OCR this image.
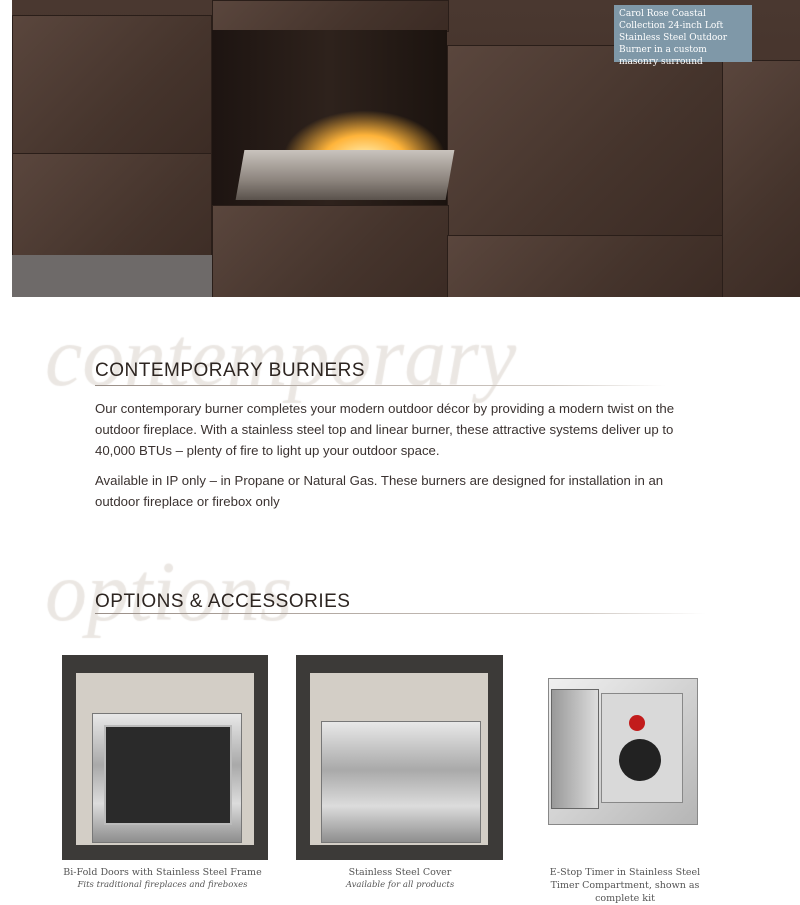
Carol Rose Coastal Collection 24-inch Loft Stainless Steel Outdoor Burner in a custom masonry surround
CONTEMPORARY BURNERS
Our contemporary burner completes your modern outdoor décor by providing a modern twist on the outdoor fireplace. With a stainless steel top and linear burner, these attractive systems deliver up to 40,000 BTUs – plenty of fire to light up your outdoor space.
Available in IP only – in Propane or Natural Gas. These burners are designed for installation in an outdoor fireplace or firebox only
OPTIONS & ACCESSORIES
Bi-Fold Doors with Stainless Steel Frame
Fits traditional fireplaces and fireboxes
Stainless Steel Cover
Available for all products
E-Stop Timer in Stainless Steel Timer Compartment, shown as complete kit
